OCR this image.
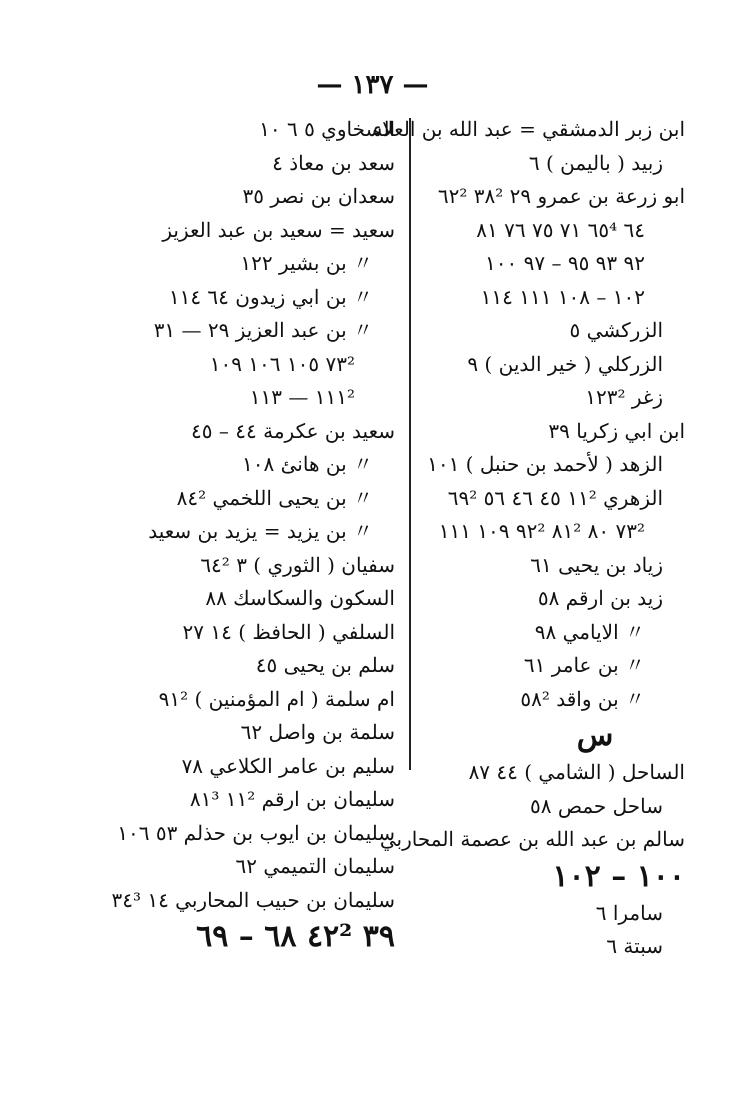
— ١٣٧ —
ابن زبر الدمشقي = عبد الله بن العلاء
زبيد ( باليمن ) ٦
ابو زرعة بن عمرو ٢٩ ٣٨² ٦٢²
٦٤ ٦٥⁴ ٧١ ٧٥ ٧٦ ٨١
٩٢ ٩٣ ٩٥ – ٩٧ ١٠٠
١٠٢ – ١٠٨ ١١١ ١١٤
الزركشي ٥
الزركلي ( خير الدين ) ٩
زغر ١٢٣²
ابن ابي زكريا ٣٩
الزهد ( لأحمد بن حنبل ) ١٠١
الزهري ١١² ٤٥ ٤٦ ٥٦ ٦٩²
٧٣² ٨٠ ٨١² ٩٢² ١٠٩ ١١١
زياد بن يحيى ٦١
زيد بن ارقم ٥٨
〃 الايامي ٩٨
〃 بن عامر ٦١
〃 بن واقد ٥٨²
س
الساحل ( الشامي ) ٤٤ ٨٧
ساحل حمص ٥٨
سالم بن عبد الله بن عصمة المحاربي
١٠٠ – ١٠٢
سامرا ٦
سبتة ٦
السخاوي ٥ ٦ ١٠
سعد بن معاذ ٤
سعدان بن نصر ٣٥
سعيد = سعيد بن عبد العزيز
〃 بن بشير ١٢٢
〃 بن ابي زيدون ٦٤ ١١٤
〃 بن عبد العزيز ٢٩ — ٣١
٧٣² ١٠٥ ١٠٦ ١٠٩
١١١² — ١١٣
سعيد بن عكرمة ٤٤ – ٤٥
〃 بن هانئ ١٠٨
〃 بن يحيى اللخمي ٨٤²
〃 بن يزيد = يزيد بن سعيد
سفيان ( الثوري ) ٣ ٦٤²
السكون والسكاسك ٨٨
السلفي ( الحافظ ) ١٤ ٢٧
سلم بن يحيى ٤٥
ام سلمة ( ام المؤمنين ) ٩١²
سلمة بن واصل ٦٢
سليم بن عامر الكلاعي ٧٨
سليمان بن ارقم ١١² ٨١³
سليمان بن ايوب بن حذلم ٥٣ ١٠٦
سليمان التميمي ٦٢
سليمان بن حبيب المحاربي ١٤ ٣٤³
٣٩ ٤٢² ٦٨ – ٦٩
